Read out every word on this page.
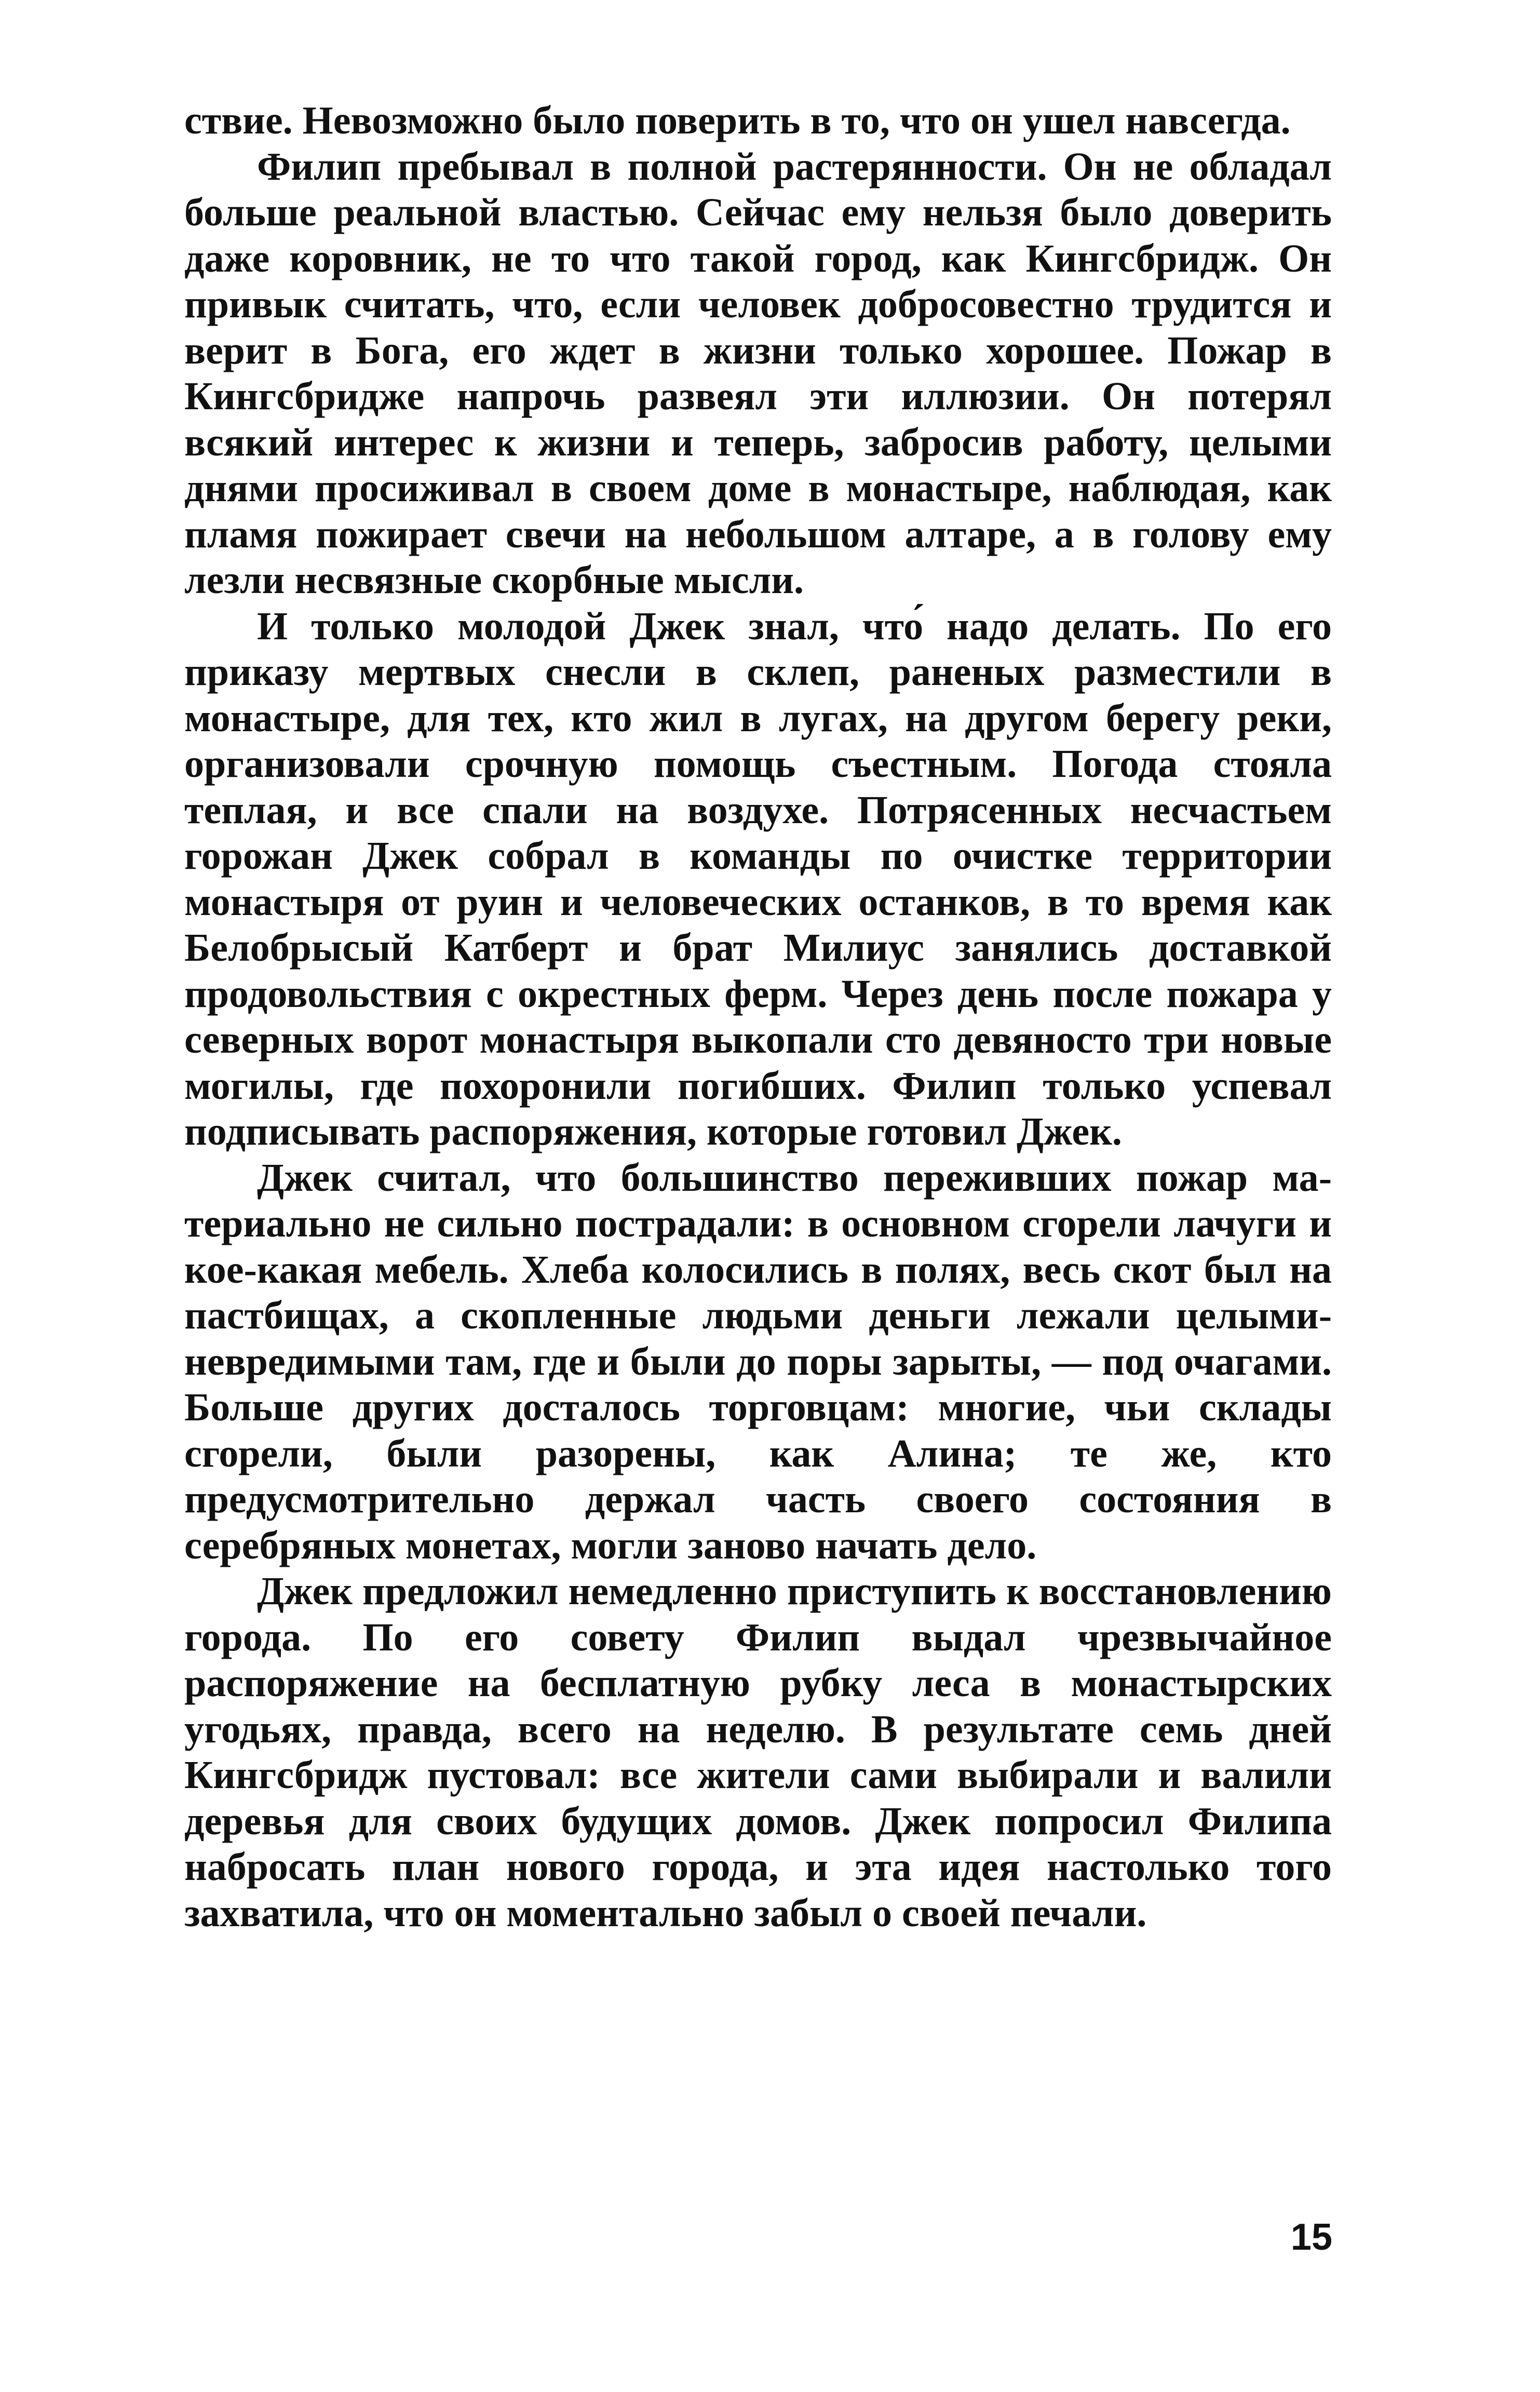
ствие. Невозможно было поверить в то, что он ушел навсегда.

Филип пребывал в полной растерянности. Он не обладал больше реальной властью. Сейчас ему нельзя было доверить даже коровник, не то что такой город, как Кингсбридж. Он привык считать, что, если человек добросовестно трудится и верит в Бога, его ждет в жизни только хорошее. Пожар в Кингсбридже напрочь развеял эти иллюзии. Он потерял всякий интерес к жизни и теперь, забросив работу, целыми днями просиживал в своем доме в монастыре, наблюдая, как пламя пожирает свечи на небольшом алтаре, а в голову ему лезли несвязные скорбные мысли.

И только молодой Джек знал, что́ надо делать. По его приказу мертвых снесли в склеп, раненых разместили в монастыре, для тех, кто жил в лугах, на другом берегу реки, организовали срочную помощь съестным. Погода стояла теплая, и все спали на воздухе. Потрясенных несчастьем горожан Джек собрал в команды по очистке территории монастыря от руин и человеческих останков, в то время как Белобрысый Катберт и брат Милиус занялись доставкой продовольствия с окрестных ферм. Через день после пожара у северных ворот монастыря выкопали сто девяносто три новые могилы, где похоронили погибших. Филип только успевал подписывать распоряжения, которые готовил Джек.

Джек считал, что большинство переживших пожар материально не сильно пострадали: в основном сгорели лачуги и кое-какая мебель. Хлеба колосились в полях, весь скот был на пастбищах, а скопленные людьми деньги лежали целыми-невредимыми там, где и были до поры зарыты, — под очагами. Больше других досталось торговцам: многие, чьи склады сгорели, были разорены, как Алина; те же, кто предусмотрительно держал часть своего состояния в серебряных монетах, могли заново начать дело.

Джек предложил немедленно приступить к восстановлению города. По его совету Филип выдал чрезвычайное распоряжение на бесплатную рубку леса в монастырских угодьях, правда, всего на неделю. В результате семь дней Кингсбридж пустовал: все жители сами выбирали и валили деревья для своих будущих домов. Джек попросил Филипа набросать план нового города, и эта идея настолько того захватила, что он моментально забыл о своей печали.

15
